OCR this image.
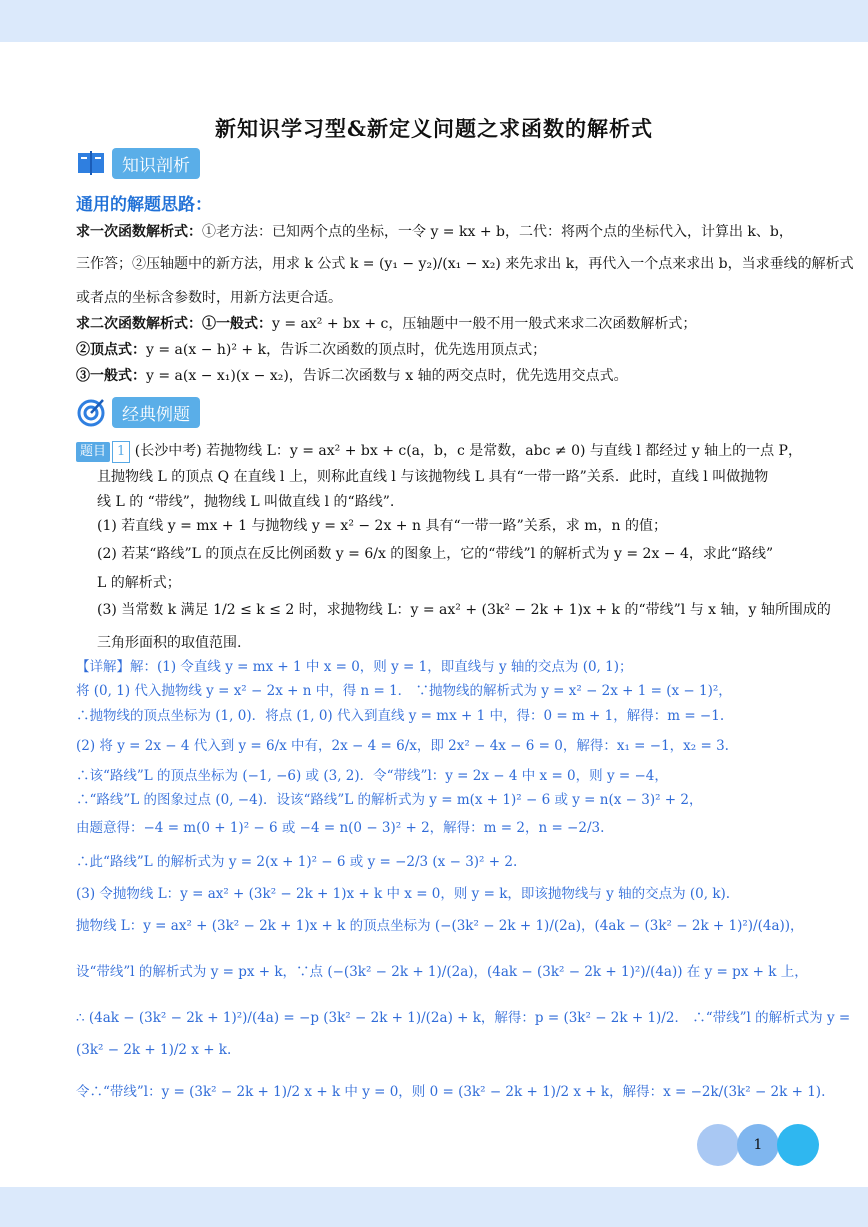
新知识学习型&新定义问题之求函数的解析式
知识剖析
通用的解题思路：
求一次函数解析式：①老方法：已知两个点的坐标，一令 y = kx + b，二代：将两个点的坐标代入，计算出 k、b，
三作答；②压轴题中的新方法，用求 k 公式 k = (y₁ − y₂)/(x₁ − x₂) 来先求出 k，再代入一个点来求出 b，当求垂线的解析式
或者点的坐标含参数时，用新方法更合适。
求二次函数解析式：①一般式：y = ax² + bx + c，压轴题中一般不用一般式来求二次函数解析式；
②顶点式：y = a(x − h)² + k，告诉二次函数的顶点时，优先选用顶点式；
③一般式：y = a(x − x₁)(x − x₂)，告诉二次函数与 x 轴的两交点时，优先选用交点式。
经典例题
题目 1 (长沙中考) 若抛物线 L：y = ax² + bx + c(a，b，c 是常数，abc ≠ 0) 与直线 l 都经过 y 轴上的一点 P，
且抛物线 L 的顶点 Q 在直线 l 上，则称此直线 l 与该抛物线 L 具有“一带一路”关系．此时，直线 l 叫做抛物
线 L 的 “带线”，抛物线 L 叫做直线 l 的“路线”.
(1) 若直线 y = mx + 1 与抛物线 y = x² − 2x + n 具有“一带一路”关系，求 m，n 的值；
(2) 若某“路线”L 的顶点在反比例函数 y = 6/x 的图象上，它的“带线”l 的解析式为 y = 2x − 4，求此“路线”
L 的解析式；
(3) 当常数 k 满足 1/2 ≤ k ≤ 2 时，求抛物线 L：y = ax² + (3k² − 2k + 1)x + k 的“带线”l 与 x 轴，y 轴所围成的
三角形面积的取值范围.
【详解】解：(1) 令直线 y = mx + 1 中 x = 0，则 y = 1，即直线与 y 轴的交点为 (0, 1)；
将 (0, 1) 代入抛物线 y = x² − 2x + n 中，得 n = 1． ∵抛物线的解析式为 y = x² − 2x + 1 = (x − 1)²，
∴抛物线的顶点坐标为 (1, 0)．将点 (1, 0) 代入到直线 y = mx + 1 中，得：0 = m + 1，解得：m = −1.
(2) 将 y = 2x − 4 代入到 y = 6/x 中有，2x − 4 = 6/x，即 2x² − 4x − 6 = 0，解得：x₁ = −1，x₂ = 3.
∴该“路线”L 的顶点坐标为 (−1, −6) 或 (3, 2)．令“带线”l：y = 2x − 4 中 x = 0，则 y = −4，
∴“路线”L 的图象过点 (0, −4)．设该“路线”L 的解析式为 y = m(x + 1)² − 6 或 y = n(x − 3)² + 2，
由题意得：−4 = m(0 + 1)² − 6 或 −4 = n(0 − 3)² + 2，解得：m = 2，n = −2/3.
∴此“路线”L 的解析式为 y = 2(x + 1)² − 6 或 y = −2/3 (x − 3)² + 2.
(3) 令抛物线 L：y = ax² + (3k² − 2k + 1)x + k 中 x = 0，则 y = k，即该抛物线与 y 轴的交点为 (0, k).
抛物线 L：y = ax² + (3k² − 2k + 1)x + k 的顶点坐标为 (−(3k² − 2k + 1)/(2a)，(4ak − (3k² − 2k + 1)²)/(4a))，
设“带线”l 的解析式为 y = px + k，∵点 (−(3k² − 2k + 1)/(2a)，(4ak − (3k² − 2k + 1)²)/(4a)) 在 y = px + k 上，
∴ (4ak − (3k² − 2k + 1)²)/(4a) = −p (3k² − 2k + 1)/(2a) + k，解得：p = (3k² − 2k + 1)/2． ∴“带线”l 的解析式为 y =
(3k² − 2k + 1)/2 x + k.
令∴“带线”l：y = (3k² − 2k + 1)/2 x + k 中 y = 0，则 0 = (3k² − 2k + 1)/2 x + k，解得：x = −2k/(3k² − 2k + 1).
1
